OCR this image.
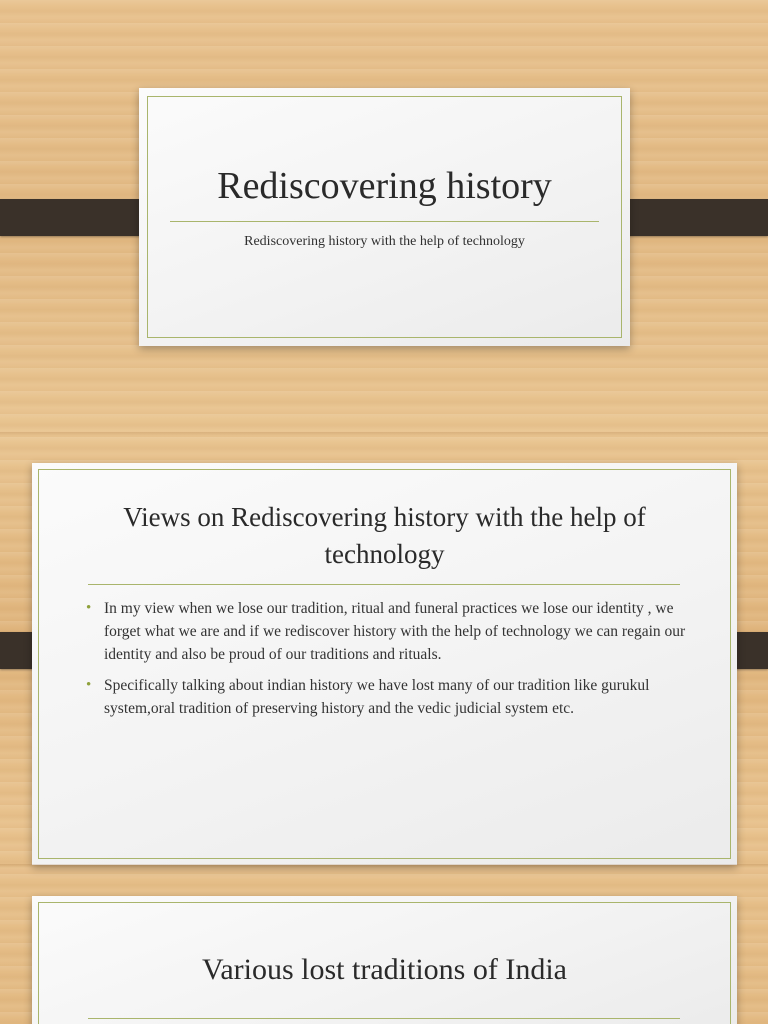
Rediscovering history
Rediscovering history with the help of technology
Views on Rediscovering history with the help of technology
• In my view when we lose our tradition, ritual and funeral practices we lose our identity , we forget what we are and if we rediscover history with the help of technology we can regain our identity and also be proud of our traditions and rituals.
• Specifically talking about indian history we have lost many of our tradition like gurukul system,oral tradition of preserving history and the vedic judicial system etc.
Various lost traditions of India
